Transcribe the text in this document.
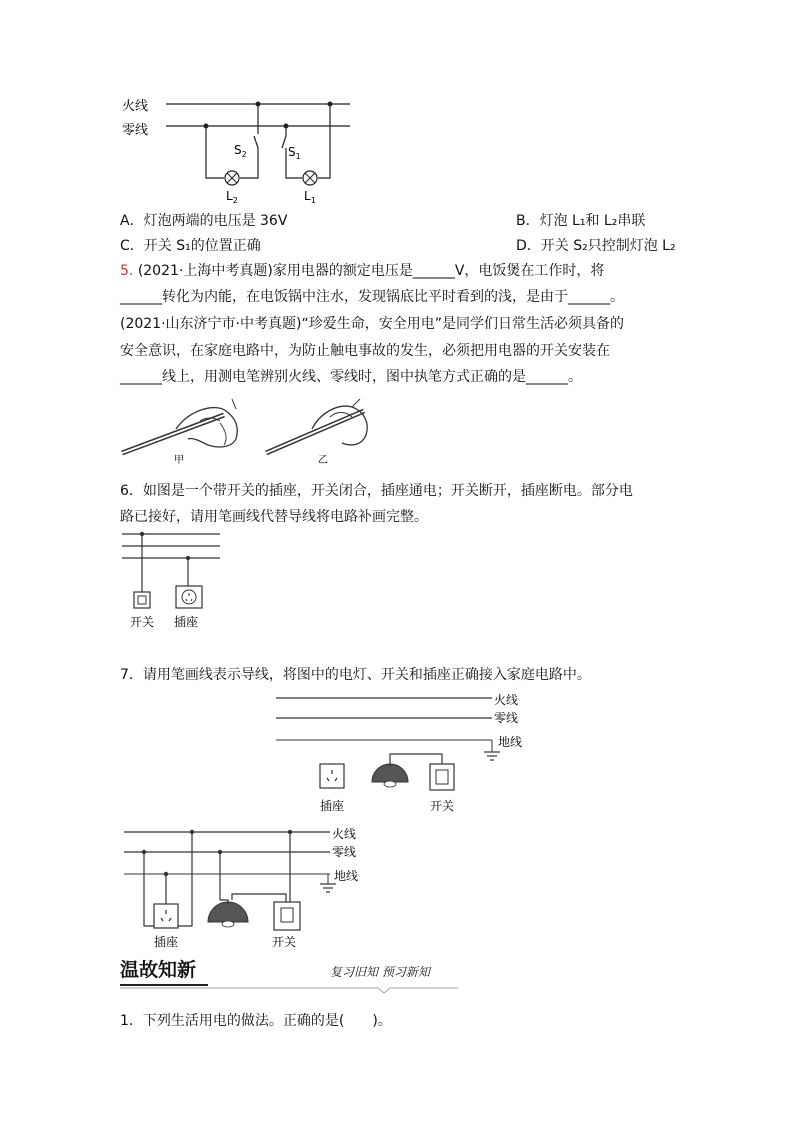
火线
零线
$S_2$
$L_2$
$S_1$
$L_1$
A．灯泡两端的电压是 36V	B．灯泡 L₁和 L₂串联
C．开关 S₁的位置正确	D．开关 S₂只控制灯泡 L₂
5. (2021·上海中考真题)家用电器的额定电压是______V，电饭煲在工作时，将
______转化为内能，在电饭锅中注水，发现锅底比平时看到的浅，是由于______。
(2021·山东济宁市·中考真题)“珍爱生命，安全用电”是同学们日常生活必须具备的
安全意识，在家庭电路中，为防止触电事故的发生，必须把用电器的开关安装在
______线上，用测电笔辨别火线、零线时，图中执笔方式正确的是______。
甲	乙
6．如图是一个带开关的插座，开关闭合，插座通电；开关断开，插座断电。部分电
路已接好，请用笔画线代替导线将电路补画完整。
开关 插座
7．请用笔画线表示导线，将图中的电灯、开关和插座正确接入家庭电路中。
火线
零线
地线
插座	开关
火线
零线
地线
插座	开关
温故知新	复习旧知 预习新知
1．下列生活用电的做法。正确的是(　　)。
